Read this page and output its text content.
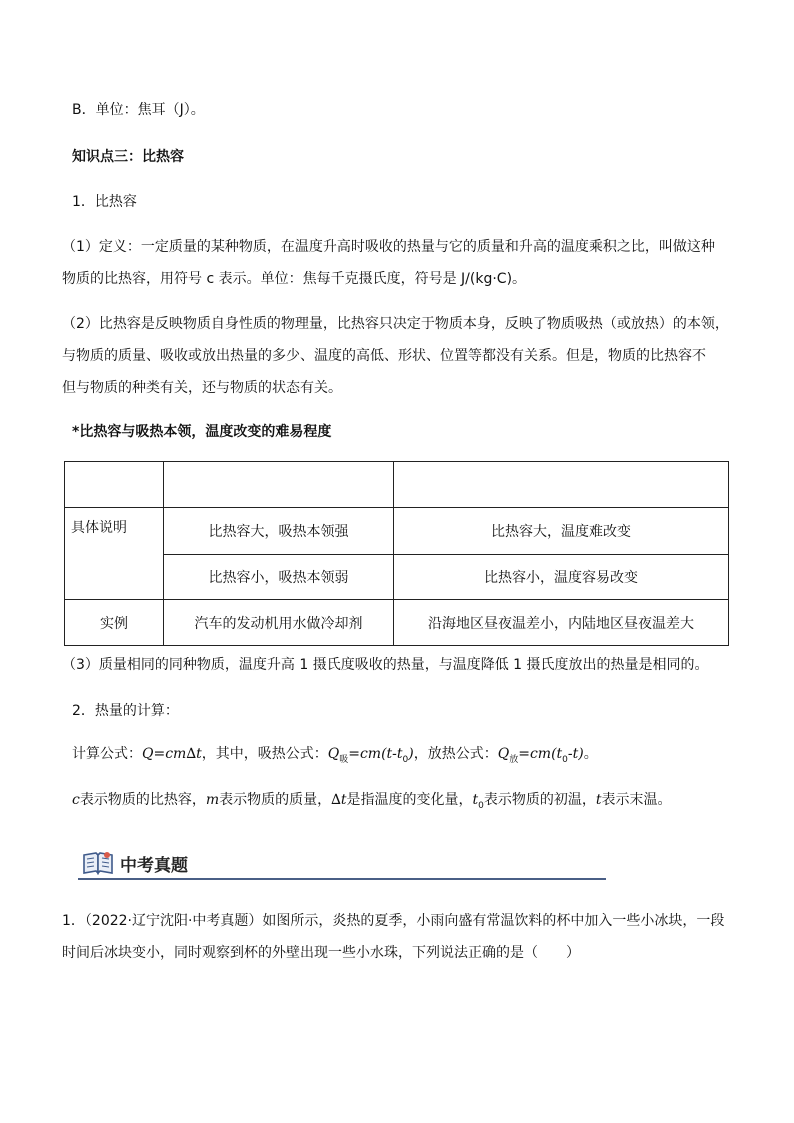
B．单位：焦耳（J）。
知识点三：比热容
1．比热容
（1）定义：一定质量的某种物质，在温度升高时吸收的热量与它的质量和升高的温度乘积之比，叫做这种
物质的比热容，用符号 c 表示。单位：焦每千克摄氏度，符号是 J/(kg·C)。
（2）比热容是反映物质自身性质的物理量，比热容只决定于物质本身，反映了物质吸热（或放热）的本领，
与物质的质量、吸收或放出热量的多少、温度的高低、形状、位置等都没有关系。但是，物质的比热容不
但与物质的种类有关，还与物质的状态有关。
*比热容与吸热本领，温度改变的难易程度

具体说明	比热容大，吸热本领强	比热容大，温度难改变
	比热容小，吸热本领弱	比热容小，温度容易改变
实例	汽车的发动机用水做冷却剂	沿海地区昼夜温差小，内陆地区昼夜温差大
（3）质量相同的同种物质，温度升高 1 摄氏度吸收的热量，与温度降低 1 摄氏度放出的热量是相同的。
2．热量的计算：
计算公式：Q=cm∆t，其中，吸热公式：$Q_吸=cm(t-t_0)$，放热公式：$Q_放=cm(t_0-t)$。
c表示物质的比热容，m表示物质的质量，∆t是指温度的变化量，$t_0$表示物质的初温，t表示末温。
中考真题
1．（2022·辽宁沈阳·中考真题）如图所示，炎热的夏季，小雨向盛有常温饮料的杯中加入一些小冰块，一段
时间后冰块变小，同时观察到杯的外壁出现一些小水珠，下列说法正确的是（　　）
